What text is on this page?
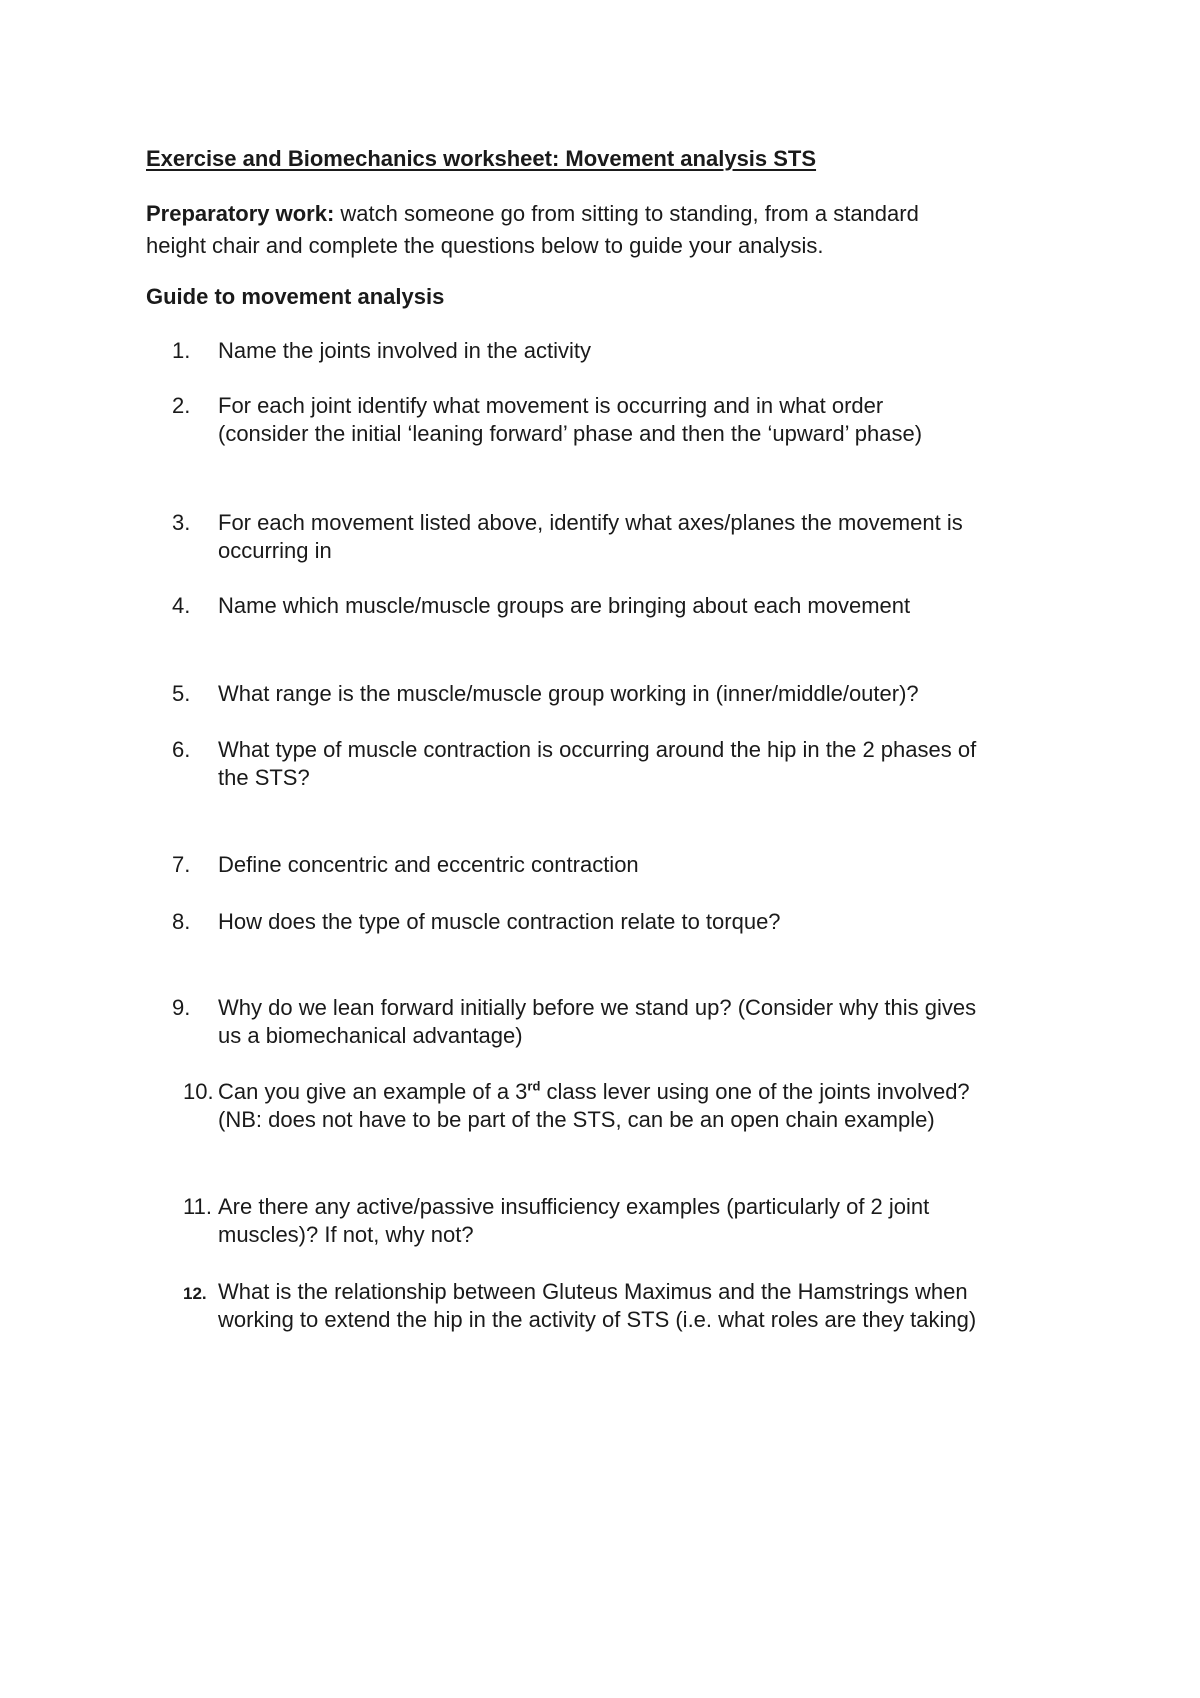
Exercise and Biomechanics worksheet: Movement analysis STS
Preparatory work: watch someone go from sitting to standing, from a standard
height chair and complete the questions below to guide your analysis.
Guide to movement analysis
1. Name the joints involved in the activity
2. For each joint identify what movement is occurring and in what order
(consider the initial ‘leaning forward’ phase and then the ‘upward’ phase)
3. For each movement listed above, identify what axes/planes the movement is
occurring in
4. Name which muscle/muscle groups are bringing about each movement
5. What range is the muscle/muscle group working in (inner/middle/outer)?
6. What type of muscle contraction is occurring around the hip in the 2 phases of
the STS?
7. Define concentric and eccentric contraction
8. How does the type of muscle contraction relate to torque?
9. Why do we lean forward initially before we stand up? (Consider why this gives
us a biomechanical advantage)
10. Can you give an example of a 3rd class lever using one of the joints involved?
(NB: does not have to be part of the STS, can be an open chain example)
11. Are there any active/passive insufficiency examples (particularly of 2 joint
muscles)? If not, why not?
12. What is the relationship between Gluteus Maximus and the Hamstrings when
working to extend the hip in the activity of STS (i.e. what roles are they taking)
